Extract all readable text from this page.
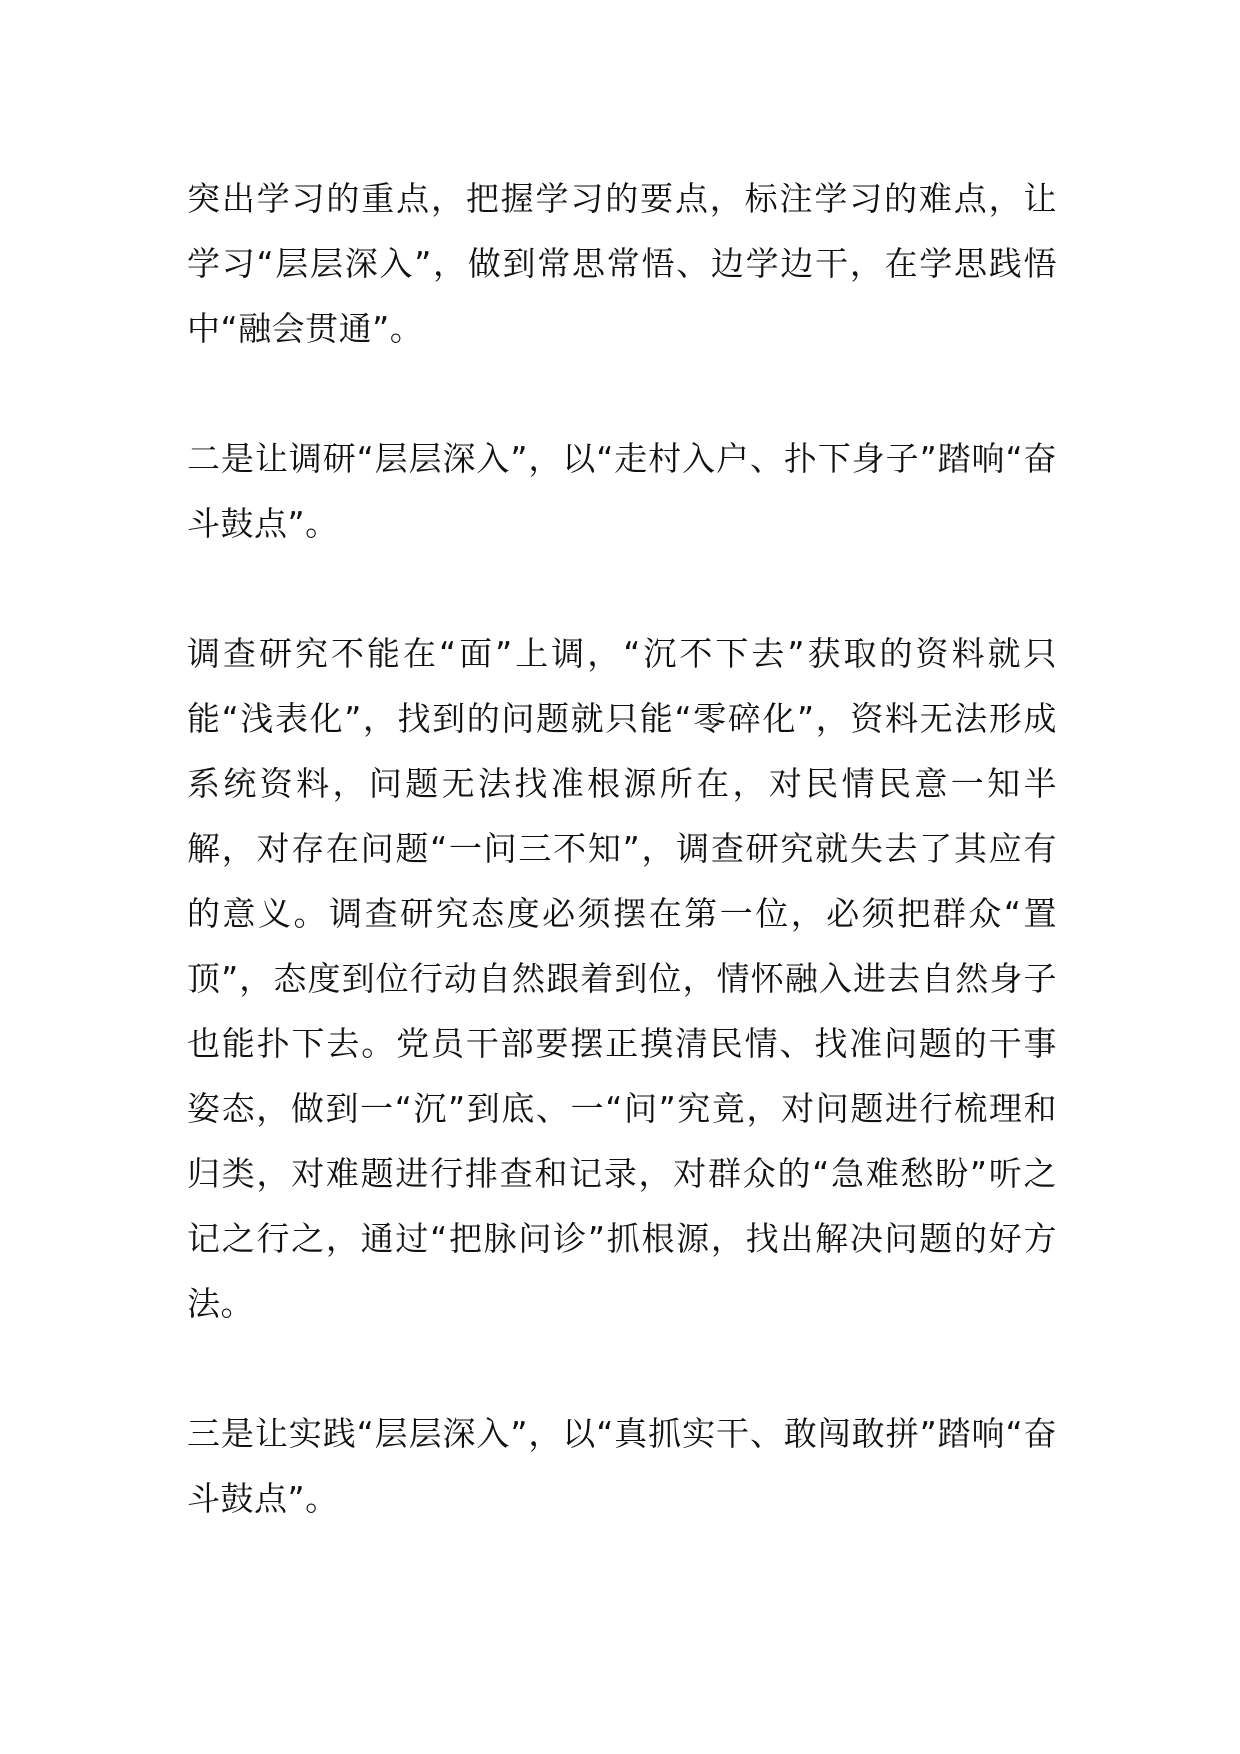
突出学习的重点，把握学习的要点，标注学习的难点，让学习“层层深入”，做到常思常悟、边学边干，在学思践悟中“融会贯通”。

二是让调研“层层深入”，以“走村入户、扑下身子”踏响“奋斗鼓点”。

调查研究不能在“面”上调，“沉不下去”获取的资料就只能“浅表化”，找到的问题就只能“零碎化”，资料无法形成系统资料，问题无法找准根源所在，对民情民意一知半解，对存在问题“一问三不知”，调查研究就失去了其应有的意义。调查研究态度必须摆在第一位，必须把群众“置顶”，态度到位行动自然跟着到位，情怀融入进去自然身子也能扑下去。党员干部要摆正摸清民情、找准问题的干事姿态，做到一“沉”到底、一“问”究竟，对问题进行梳理和归类，对难题进行排查和记录，对群众的“急难愁盼”听之记之行之，通过“把脉问诊”抓根源，找出解决问题的好方法。

三是让实践“层层深入”，以“真抓实干、敢闯敢拼”踏响“奋斗鼓点”。
